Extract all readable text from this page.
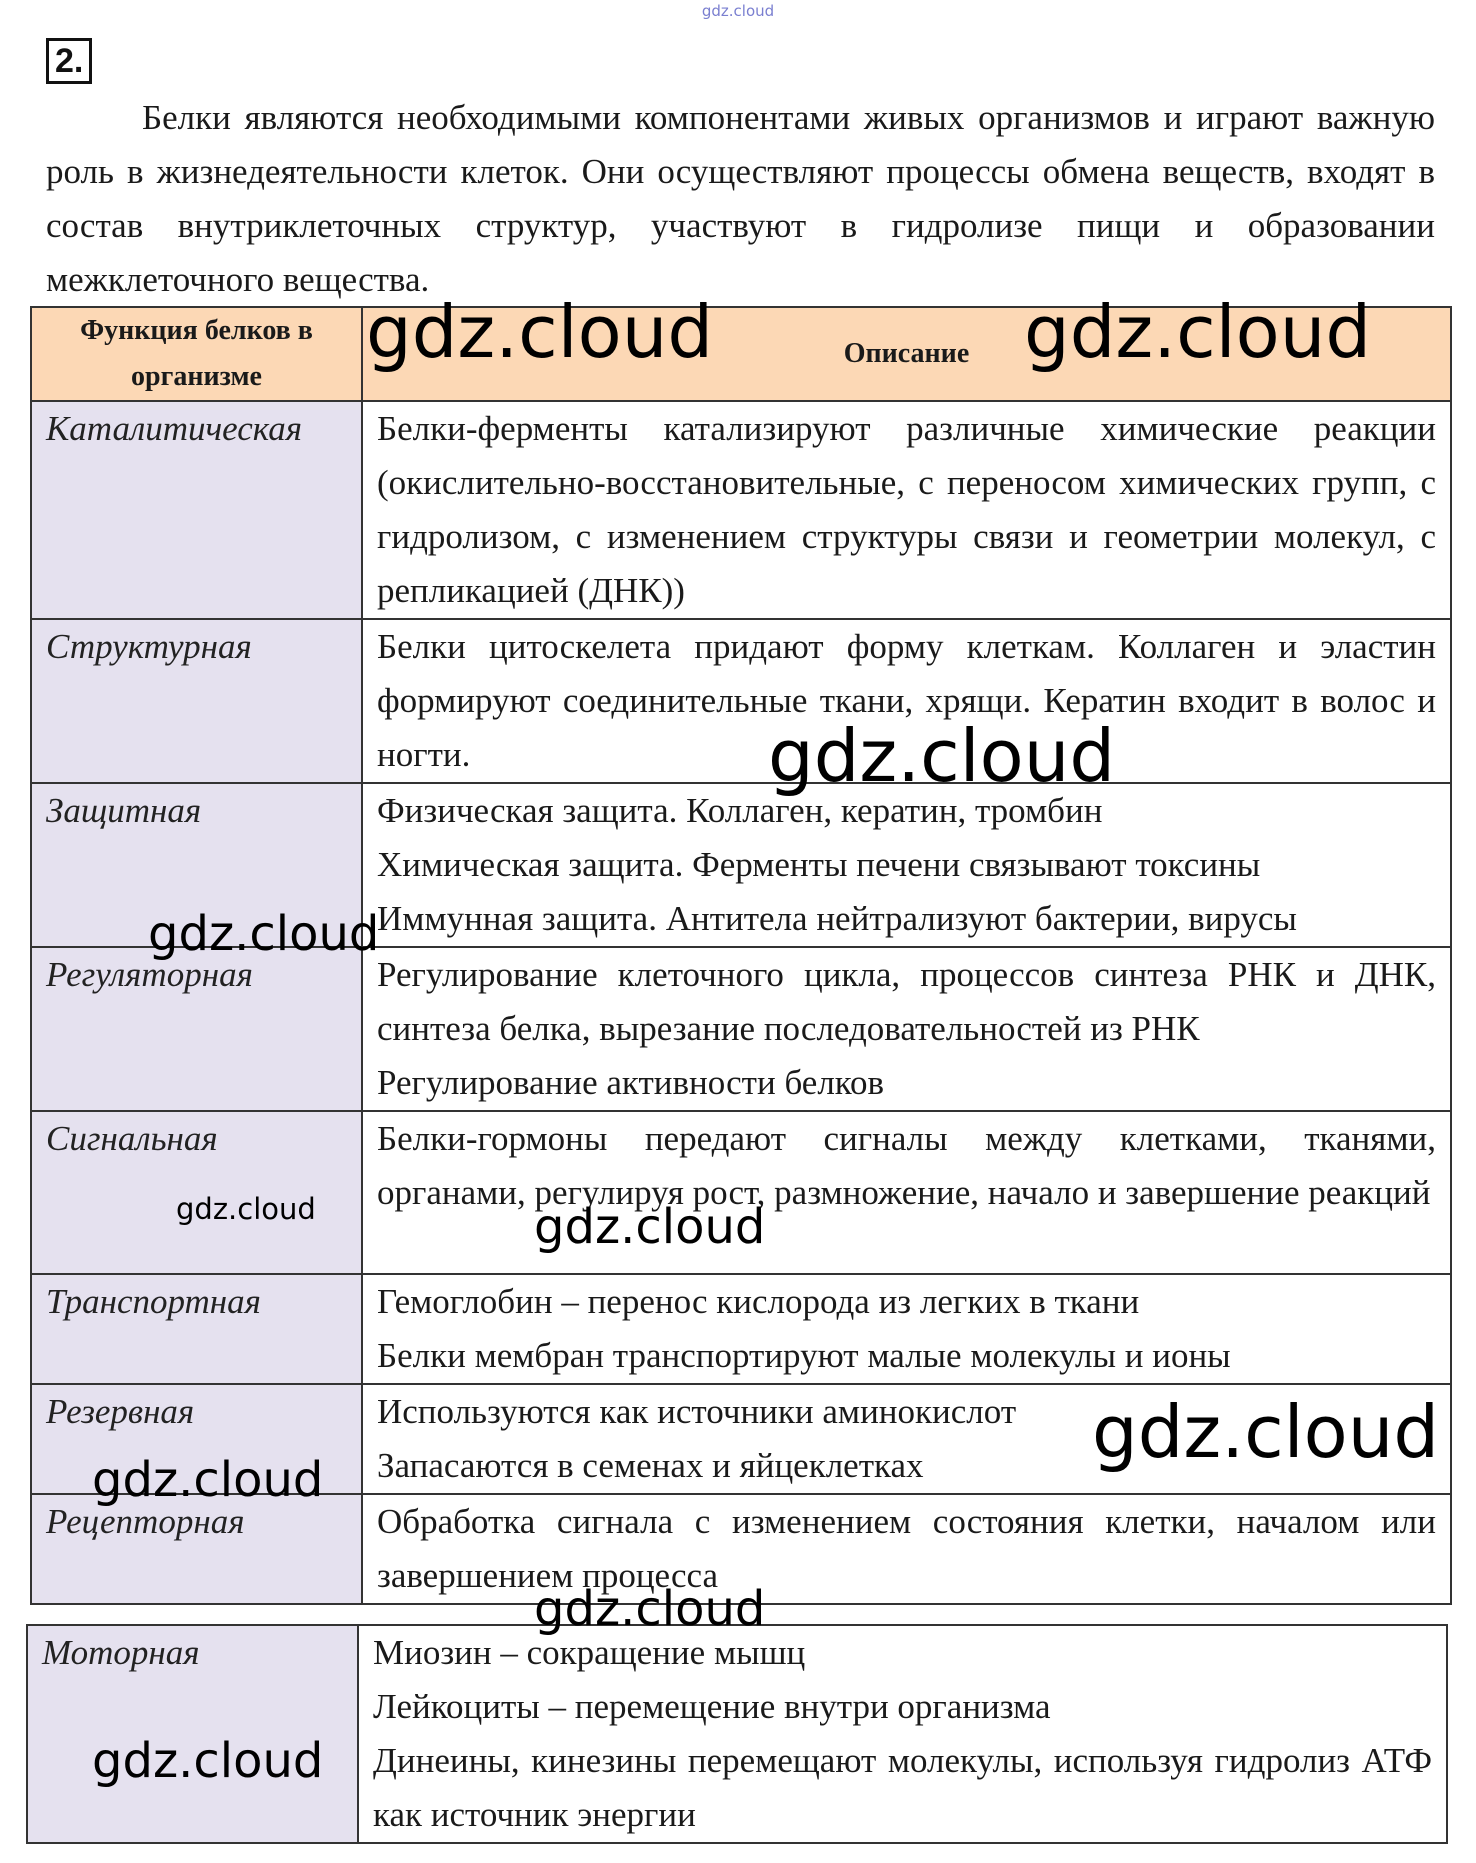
gdz.cloud
2.

Белки являются необходимыми компонентами живых организмов и играют важную роль в жизнедеятельности клеток. Они осуществляют процессы обмена веществ, входят в состав внутриклеточных структур, участвуют в гидролизе пищи и образовании межклеточного вещества.

Функция белков в организме	Описание
Каталитическая	Белки-ферменты катализируют различные химические реакции (окислительно-восстановительные, с переносом химических групп, с гидролизом, с изменением структуры связи и геометрии молекул, с репликацией (ДНК))

Структурная	Белки цитоскелета придают форму клеткам. Коллаген и эластин формируют соединительные ткани, хрящи. Кератин входит в волос и ногти.

Защитная	Физическая защита. Коллаген, кератин, тромбин
Химическая защита. Ферменты печени связывают токсины
Иммунная защита. Антитела нейтрализуют бактерии, вирусы

Регуляторная	Регулирование клеточного цикла, процессов синтеза РНК и ДНК, синтеза белка, вырезание последовательностей из РНК
Регулирование активности белков

Сигнальная	Белки-гормоны передают сигналы между клетками, тканями, органами, регулируя рост, размножение, начало и завершение реакций

Транспортная	Гемоглобин – перенос кислорода из легких в ткани
Белки мембран транспортируют малые молекулы и ионы

Резервная	Используются как источники аминокислот
Запасаются в семенах и яйцеклетках

Рецепторная	Обработка сигнала с изменением состояния клетки, началом или завершением процесса
Моторная	Миозин – сокращение мышц
Лейкоциты – перемещение внутри организма
Динеины, кинезины перемещают молекулы, используя гидролиз АТФ как источник энергии
gdz.cloud	gdz.cloud
gdz.cloud
gdz.cloud
gdz.cloud	gdz.cloud
gdz.cloud
gdz.cloud
gdz.cloud
gdz.cloud
